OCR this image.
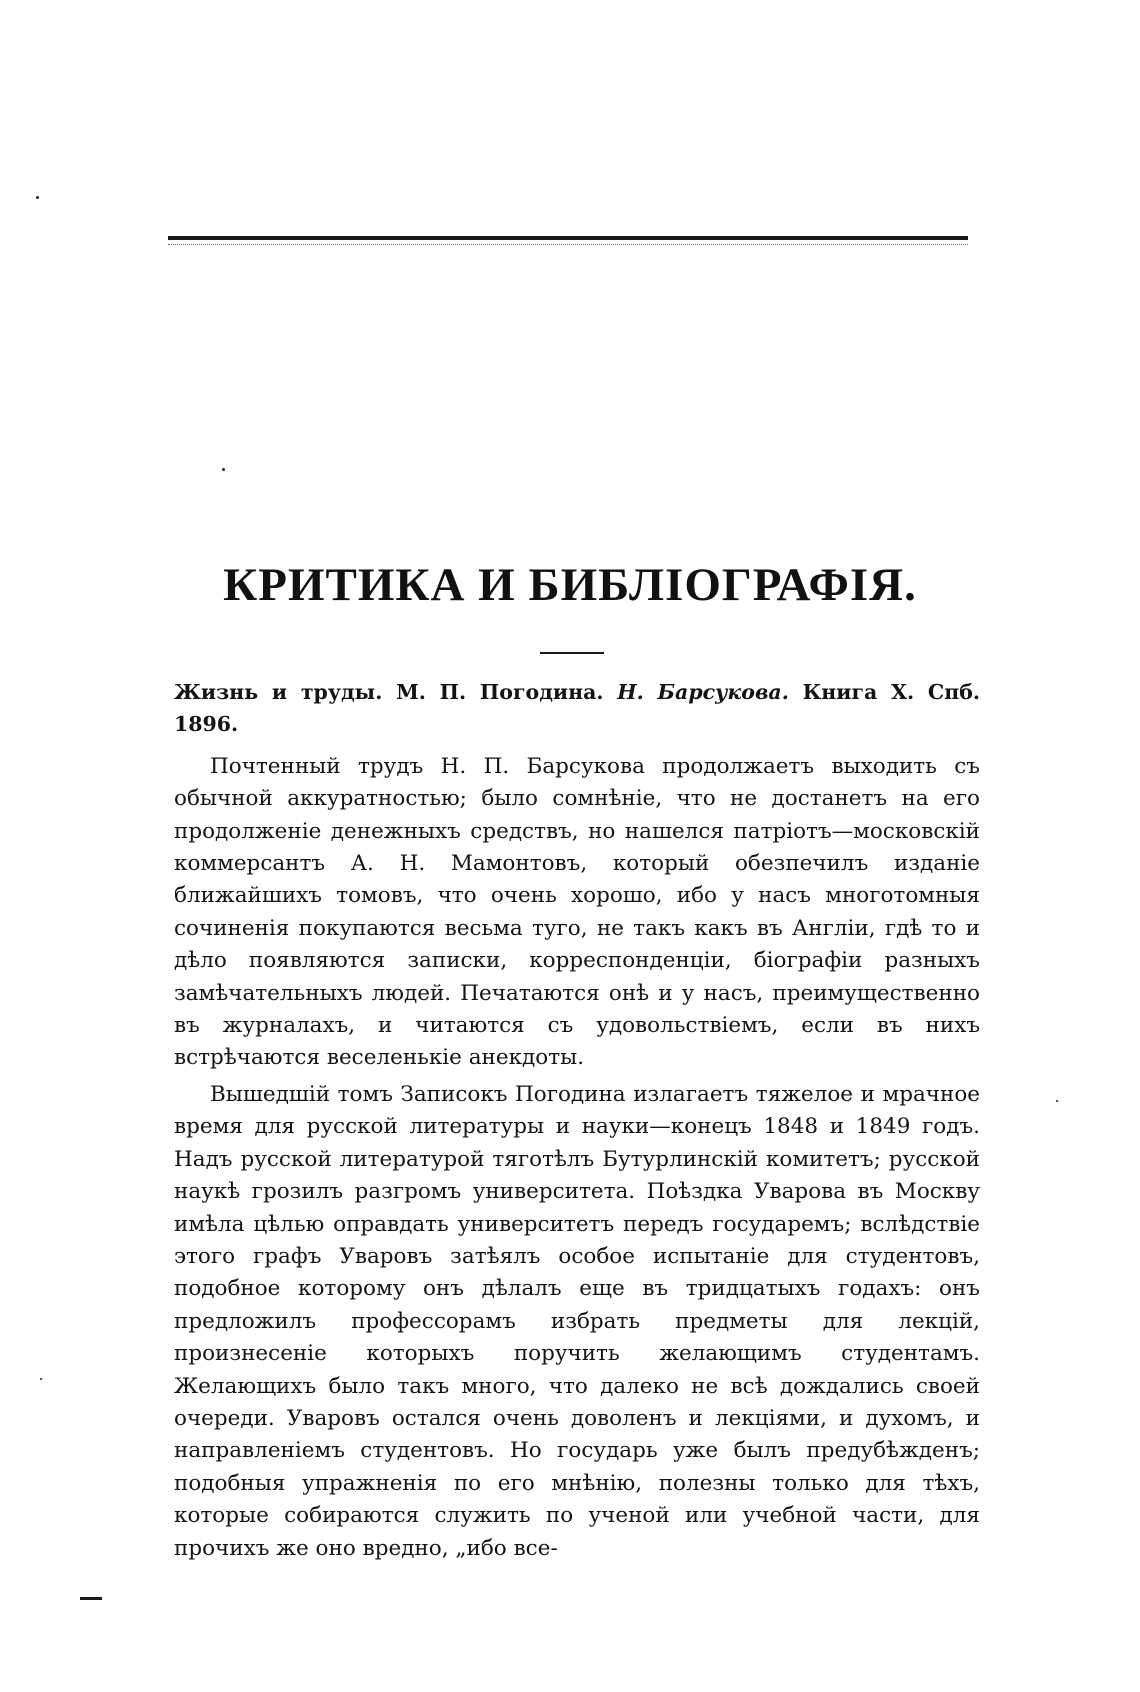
КРИТИКА И БИБЛІОГРАФІЯ.

Жизнь и труды. М. П. Погодина. Н. Барсукова. Книга X. Спб. 1896.

Почтенный трудъ Н. П. Барсукова продолжаетъ выходить съ обычной аккуратностью; было сомнѣніе, что не достанетъ на его продолженіе денежныхъ средствъ, но нашелся патріотъ—московскій коммерсантъ А. Н. Мамонтовъ, который обезпечилъ изданіе ближайшихъ томовъ, что очень хорошо, ибо у насъ многотомныя сочиненія покупаются весьма туго, не такъ какъ въ Англіи, гдѣ то и дѣло появляются записки, корреспонденціи, біографіи разныхъ замѣчательныхъ людей. Печатаются онѣ и у насъ, преимущественно въ журналахъ, и читаются съ удовольствіемъ, если въ нихъ встрѣчаются веселенькіе анекдоты.

Вышедшій томъ Записокъ Погодина излагаетъ тяжелое и мрачное время для русской литературы и науки—конецъ 1848 и 1849 годъ. Надъ русской литературой тяготѣлъ Бутурлинскій комитетъ; русской наукѣ грозилъ разгромъ университета. Поѣздка Уварова въ Москву имѣла цѣлью оправдать университетъ передъ государемъ; вслѣдствіе этого графъ Уваровъ затѣялъ особое испытаніе для студентовъ, подобное которому онъ дѣлалъ еще въ тридцатыхъ годахъ: онъ предложилъ профессорамъ избрать предметы для лекцій, произнесеніе которыхъ поручить желающимъ студентамъ. Желающихъ было такъ много, что далеко не всѣ дождались своей очереди. Уваровъ остался очень доволенъ и лекціями, и духомъ, и направленіемъ студентовъ. Но государь уже былъ предубѣжденъ; подобныя упражненія по его мнѣнію, полезны только для тѣхъ, которые собираются служить по ученой или учебной части, для прочихъ же оно вредно, „ибо все-
